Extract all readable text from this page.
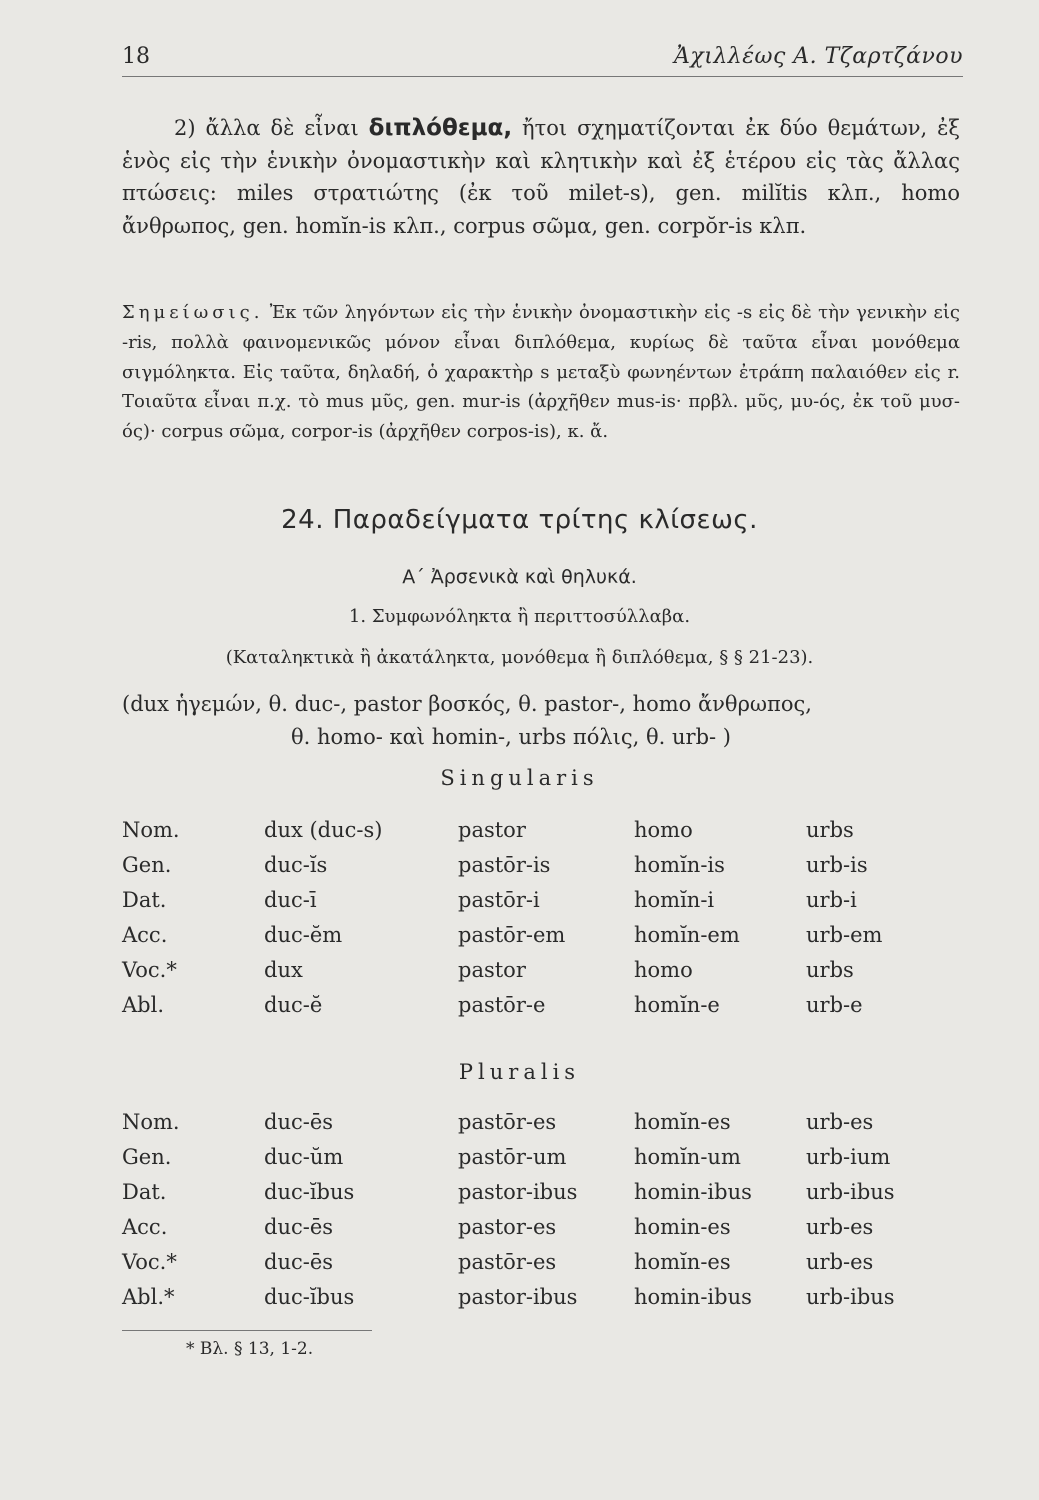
18	Ἀχιλλέως Α. Τζαρτζάνου

2) ἄλλα δὲ εἶναι διπλόθεμα, ἤτοι σχηματίζονται ἐκ δύο θεμάτων, ἐξ ἑνὸς εἰς τὴν ἑνικὴν ὀνομαστικὴν καὶ κλητικὴν καὶ ἐξ ἑτέρου εἰς τὰς ἄλλας πτώσεις: miles στρατιώτης (ἐκ τοῦ milet-s), gen. milĭtis κλπ., homo ἄνθρωπος, gen. homĭn-is κλπ., corpus σῶμα, gen. corpŏr-is κλπ.

Σημείωσις. Ἐκ τῶν ληγόντων εἰς τὴν ἑνικὴν ὀνομαστικὴν εἰς -s εἰς δὲ τὴν γενικὴν εἰς -ris, πολλὰ φαινομενικῶς μόνον εἶναι διπλόθεμα, κυρίως δὲ ταῦτα εἶναι μονόθεμα σιγμόληκτα. Εἰς ταῦτα, δηλαδή, ὁ χαρακτὴρ s μεταξὺ φωνηέντων ἐτράπη παλαιόθεν εἰς r. Τοιαῦτα εἶναι π.χ. τὸ mus μῦς, gen. mur-is (ἀρχῆθεν mus-is· πρβλ. μῦς, μυ-ός, ἐκ τοῦ μυσ-ός)· corpus σῶμα, corpor-is (ἀρχῆθεν corpos-is), κ. ἄ.
24. Παραδείγματα τρίτης κλίσεως.
Α΄ Ἀρσενικὰ καὶ θηλυκά.
1. Συμφωνόληκτα ἢ περιττοσύλλαβα.
(Καταληκτικὰ ἢ ἀκατάληκτα, μονόθεμα ἢ διπλόθεμα, § § 21-23).
(dux ἡγεμών, θ. duc-, pastor βοσκός, θ. pastor-, homo ἄνθρωπος,
θ. homo- καὶ homin-, urbs πόλις, θ. urb- )
Singularis
Nom.	dux (duc-s)	pastor	homo	urbs
Gen.	duc-ĭs	pastōr-is	homĭn-is	urb-is
Dat.	duc-ī	pastōr-i	homĭn-i	urb-i
Acc.	duc-ĕm	pastōr-em	homĭn-em	urb-em
Voc.*	dux	pastor	homo	urbs
Abl.	duc-ĕ	pastōr-e	homĭn-e	urb-e
Pluralis
Nom.	duc-ēs	pastōr-es	homĭn-es	urb-es
Gen.	duc-ŭm	pastōr-um	homĭn-um	urb-ium
Dat.	duc-ĭbus	pastor-ibus	homin-ibus	urb-ibus
Acc.	duc-ēs	pastor-es	homin-es	urb-es
Voc.*	duc-ēs	pastōr-es	homĭn-es	urb-es
Abl.*	duc-ĭbus	pastor-ibus	homin-ibus	urb-ibus
* Βλ. § 13, 1-2.
